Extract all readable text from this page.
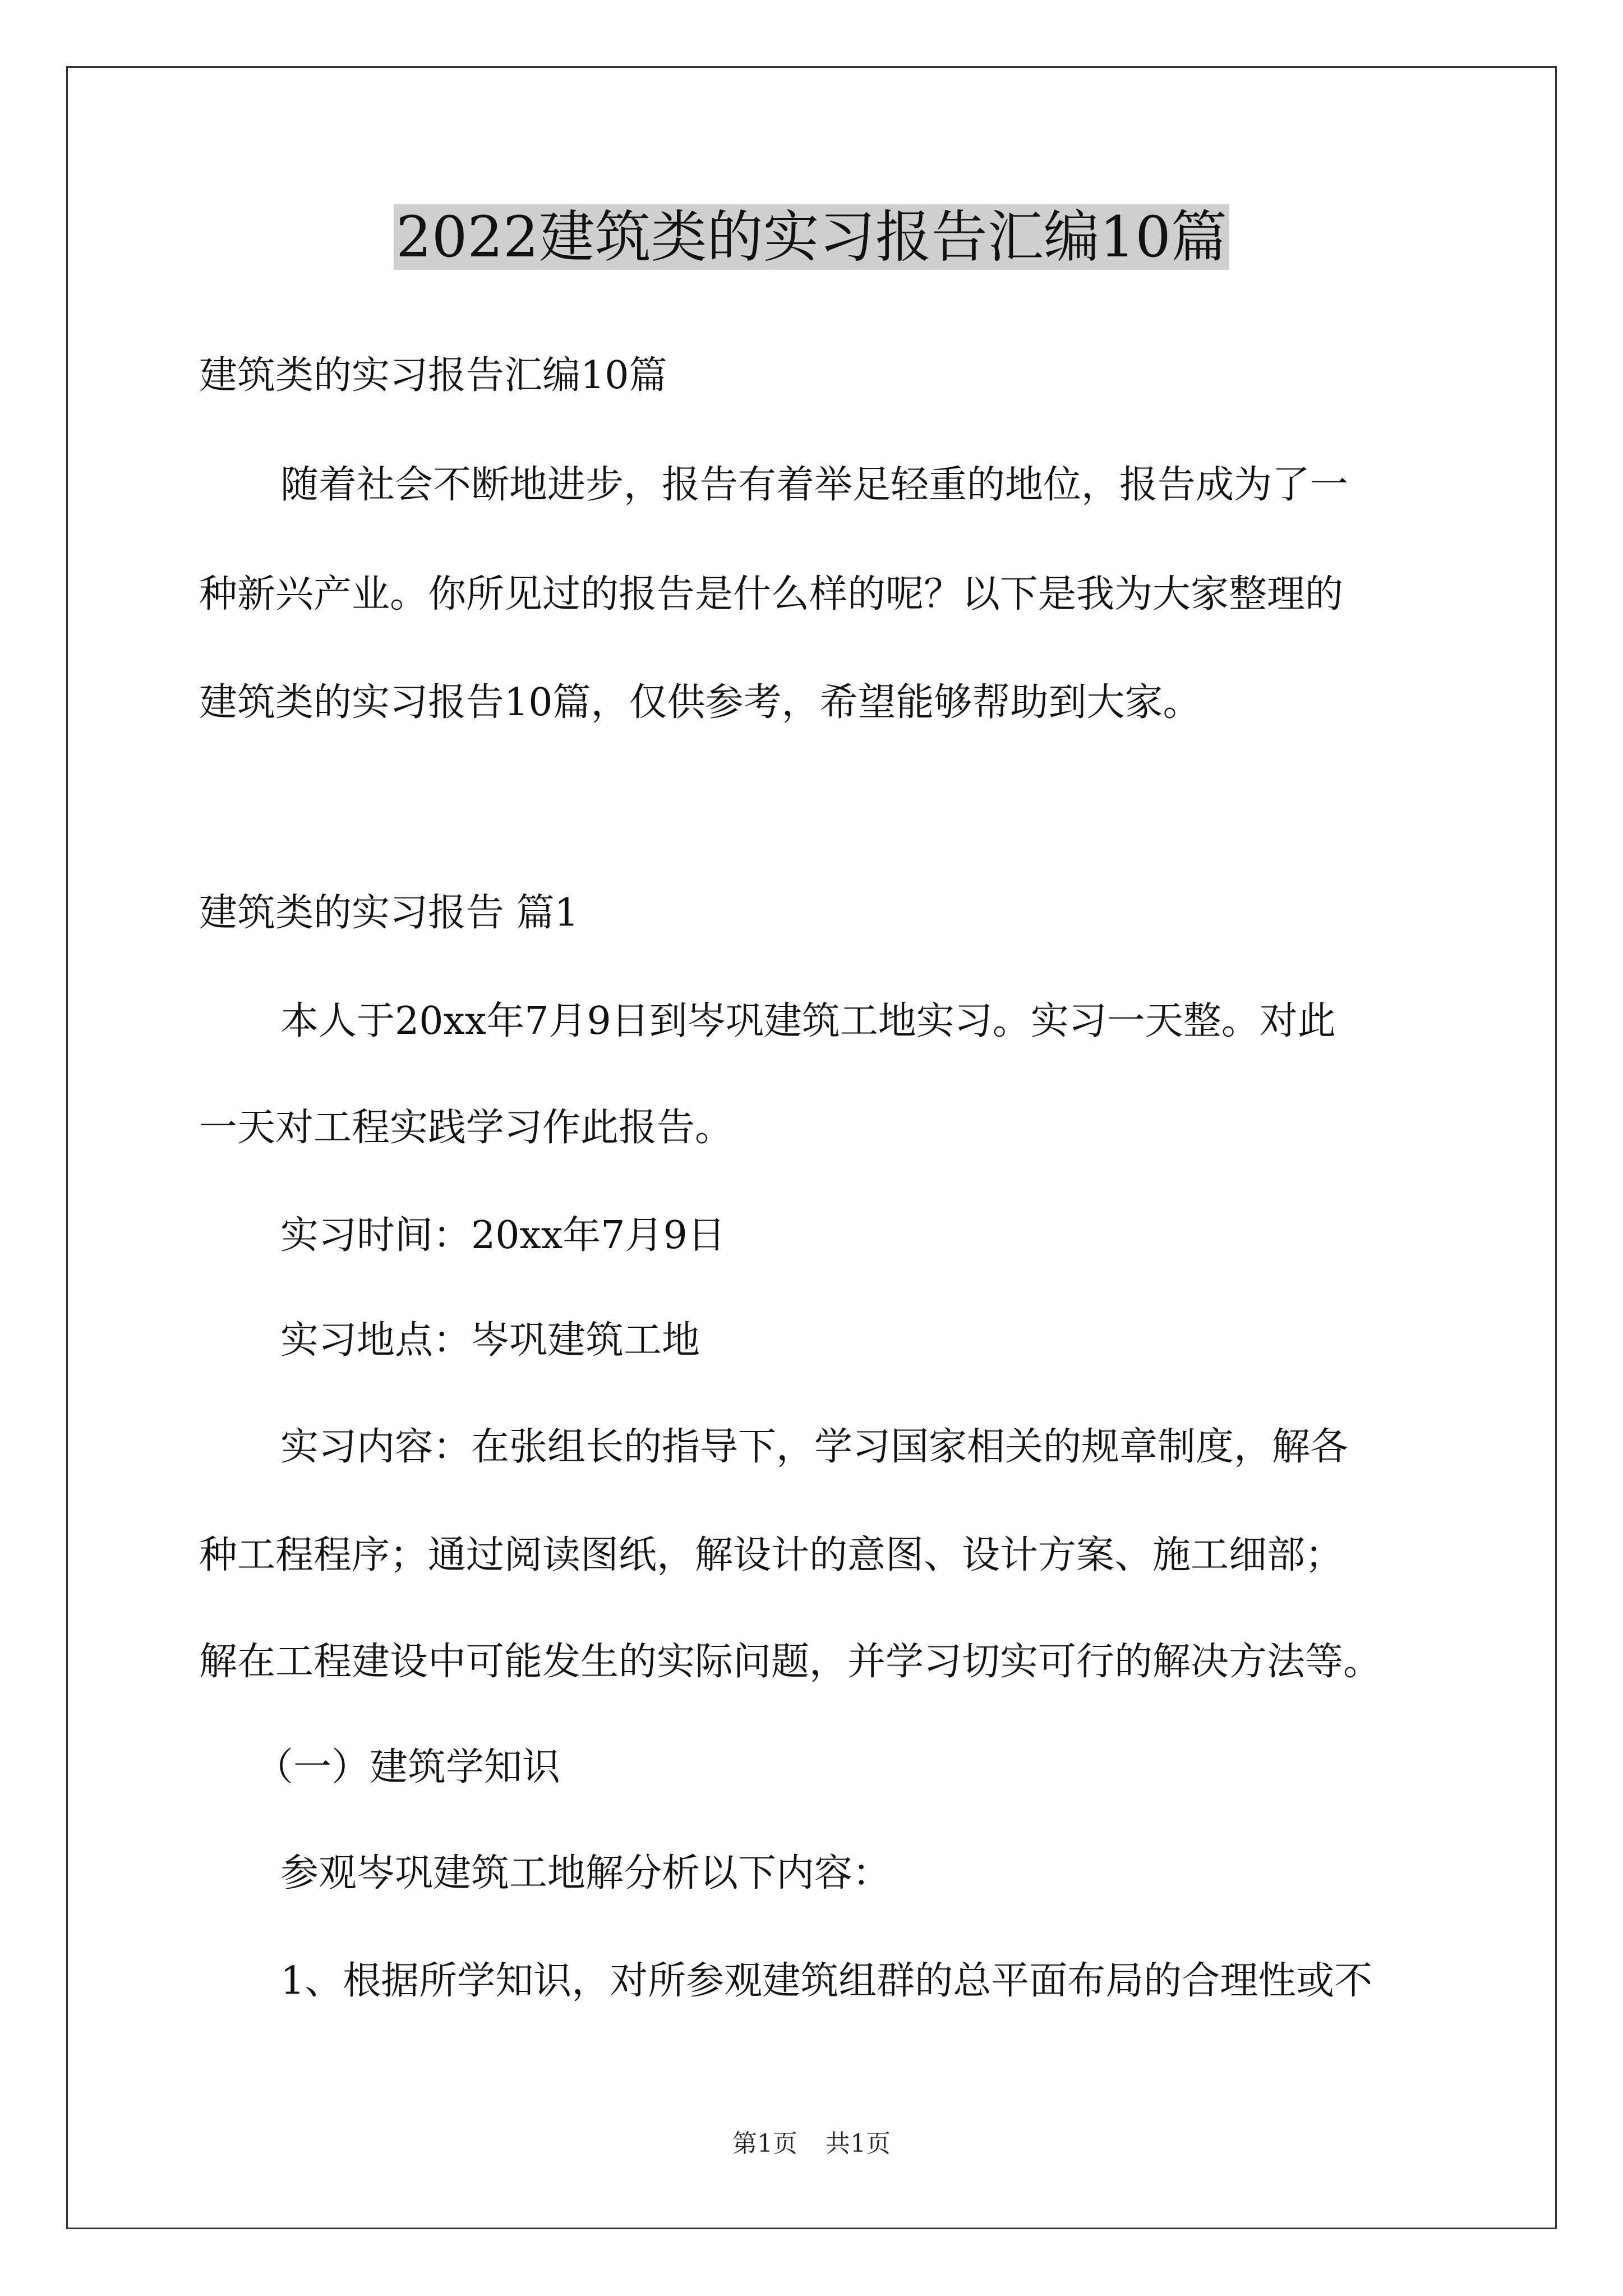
2022建筑类的实习报告汇编10篇
建筑类的实习报告汇编10篇
随着社会不断地进步，报告有着举足轻重的地位，报告成为了一
种新兴产业。你所见过的报告是什么样的呢？以下是我为大家整理的
建筑类的实习报告10篇，仅供参考，希望能够帮助到大家。
建筑类的实习报告 篇1
本人于20xx年7月9日到岑巩建筑工地实习。实习一天整。对此
一天对工程实践学习作此报告。
实习时间：20xx年7月9日
实习地点：岑巩建筑工地
实习内容：在张组长的指导下，学习国家相关的规章制度，解各
种工程程序；通过阅读图纸，解设计的意图、设计方案、施工细部；
解在工程建设中可能发生的实际问题，并学习切实可行的解决方法等。
（一）建筑学知识
参观岑巩建筑工地解分析以下内容：
1、根据所学知识，对所参观建筑组群的总平面布局的合理性或不
第1页 共1页
